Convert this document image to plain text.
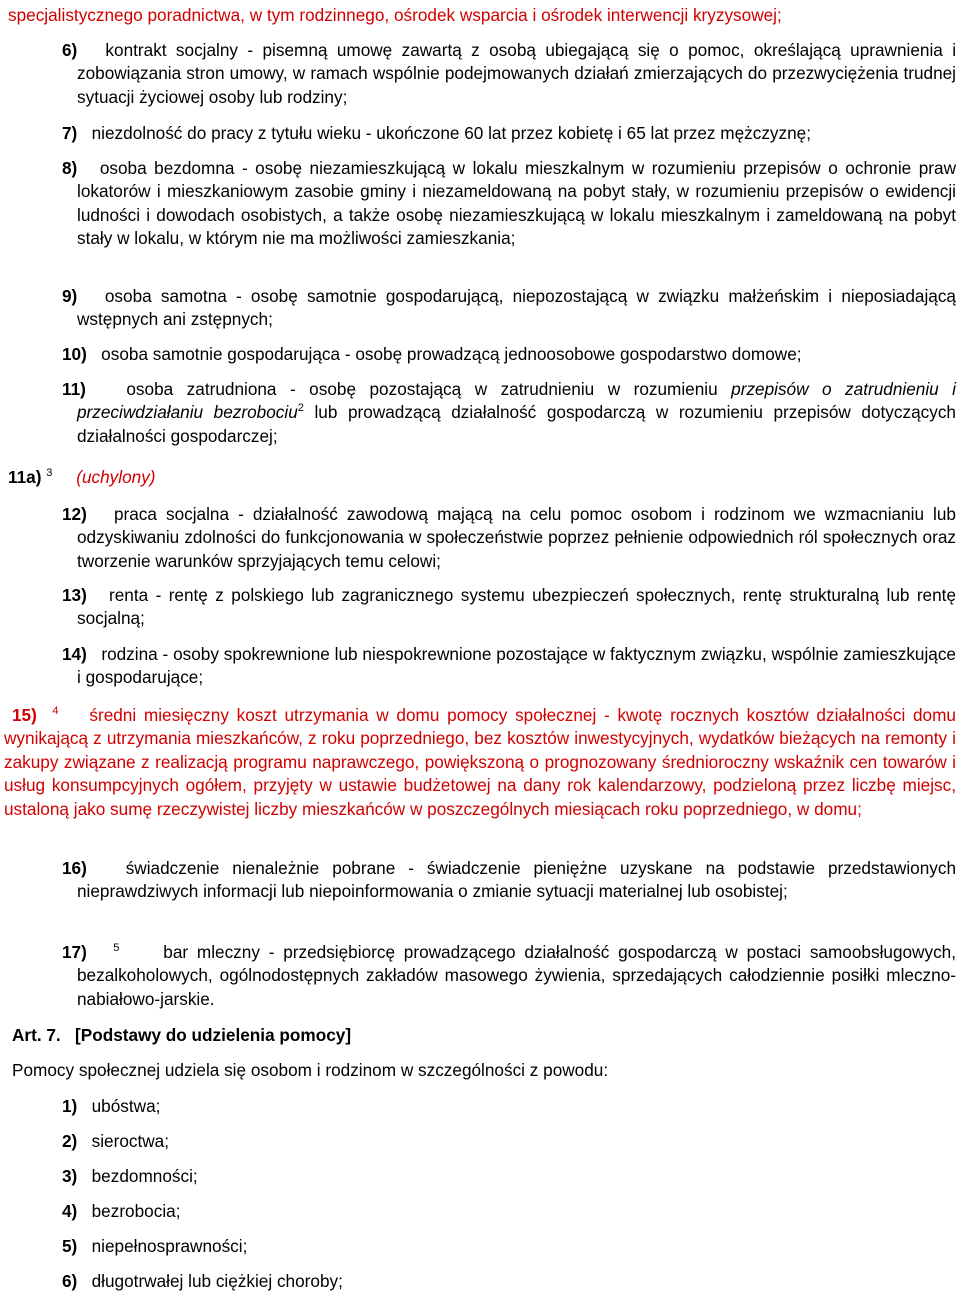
specjalistycznego poradnictwa, w tym rodzinnego, ośrodek wsparcia i ośrodek interwencji kryzysowej;
6) kontrakt socjalny - pisemną umowę zawartą z osobą ubiegającą się o pomoc, określającą uprawnienia i zobowiązania stron umowy, w ramach wspólnie podejmowanych działań zmierzających do przezwyciężenia trudnej sytuacji życiowej osoby lub rodziny;
7) niezdolność do pracy z tytułu wieku - ukończone 60 lat przez kobietę i 65 lat przez mężczyznę;
8) osoba bezdomna - osobę niezamieszkującą w lokalu mieszkalnym w rozumieniu przepisów o ochronie praw lokatorów i mieszkaniowym zasobie gminy i niezameldowaną na pobyt stały, w rozumieniu przepisów o ewidencji ludności i dowodach osobistych, a także osobę niezamieszkującą w lokalu mieszkalnym i zameldowaną na pobyt stały w lokalu, w którym nie ma możliwości zamieszkania;
9) osoba samotna - osobę samotnie gospodarującą, niepozostającą w związku małżeńskim i nieposiadającą wstępnych ani zstępnych;
10) osoba samotnie gospodarująca - osobę prowadzącą jednoosobowe gospodarstwo domowe;
11) osoba zatrudniona - osobę pozostającą w zatrudnieniu w rozumieniu przepisów o zatrudnieniu i przeciwdziałaniu bezrobociu$^2$ lub prowadzącą działalność gospodarczą w rozumieniu przepisów dotyczących działalności gospodarczej;
11a) $^3$ (uchylony)
12) praca socjalna - działalność zawodową mającą na celu pomoc osobom i rodzinom we wzmacnianiu lub odzyskiwaniu zdolności do funkcjonowania w społeczeństwie poprzez pełnienie odpowiednich ról społecznych oraz tworzenie warunków sprzyjających temu celowi;
13) renta - rentę z polskiego lub zagranicznego systemu ubezpieczeń społecznych, rentę strukturalną lub rentę socjalną;
14) rodzina - osoby spokrewnione lub niespokrewnione pozostające w faktycznym związku, wspólnie zamieszkujące i gospodarujące;
15) $^4$ średni miesięczny koszt utrzymania w domu pomocy społecznej - kwotę rocznych kosztów działalności domu wynikającą z utrzymania mieszkańców, z roku poprzedniego, bez kosztów inwestycyjnych, wydatków bieżących na remonty i zakupy związane z realizacją programu naprawczego, powiększoną o prognozowany średnioroczny wskaźnik cen towarów i usług konsumpcyjnych ogółem, przyjęty w ustawie budżetowej na dany rok kalendarzowy, podzieloną przez liczbę miejsc, ustaloną jako sumę rzeczywistej liczby mieszkańców w poszczególnych miesiącach roku poprzedniego, w domu;
16) świadczenie nienależnie pobrane - świadczenie pieniężne uzyskane na podstawie przedstawionych nieprawdziwych informacji lub niepoinformowania o zmianie sytuacji materialnej lub osobistej;
17) $^5$	bar mleczny - przedsiębiorcę prowadzącego działalność gospodarczą w postaci samoobsługowych, bezalkoholowych, ogólnodostępnych zakładów masowego żywienia, sprzedających całodziennie posiłki mleczno-nabiałowo-jarskie.
Art. 7. [Podstawy do udzielenia pomocy]
Pomocy społecznej udziela się osobom i rodzinom w szczególności z powodu:
1) ubóstwa;
2) sieroctwa;
3) bezdomności;
4) bezrobocia;
5) niepełnosprawności;
6) długotrwałej lub ciężkiej choroby;
